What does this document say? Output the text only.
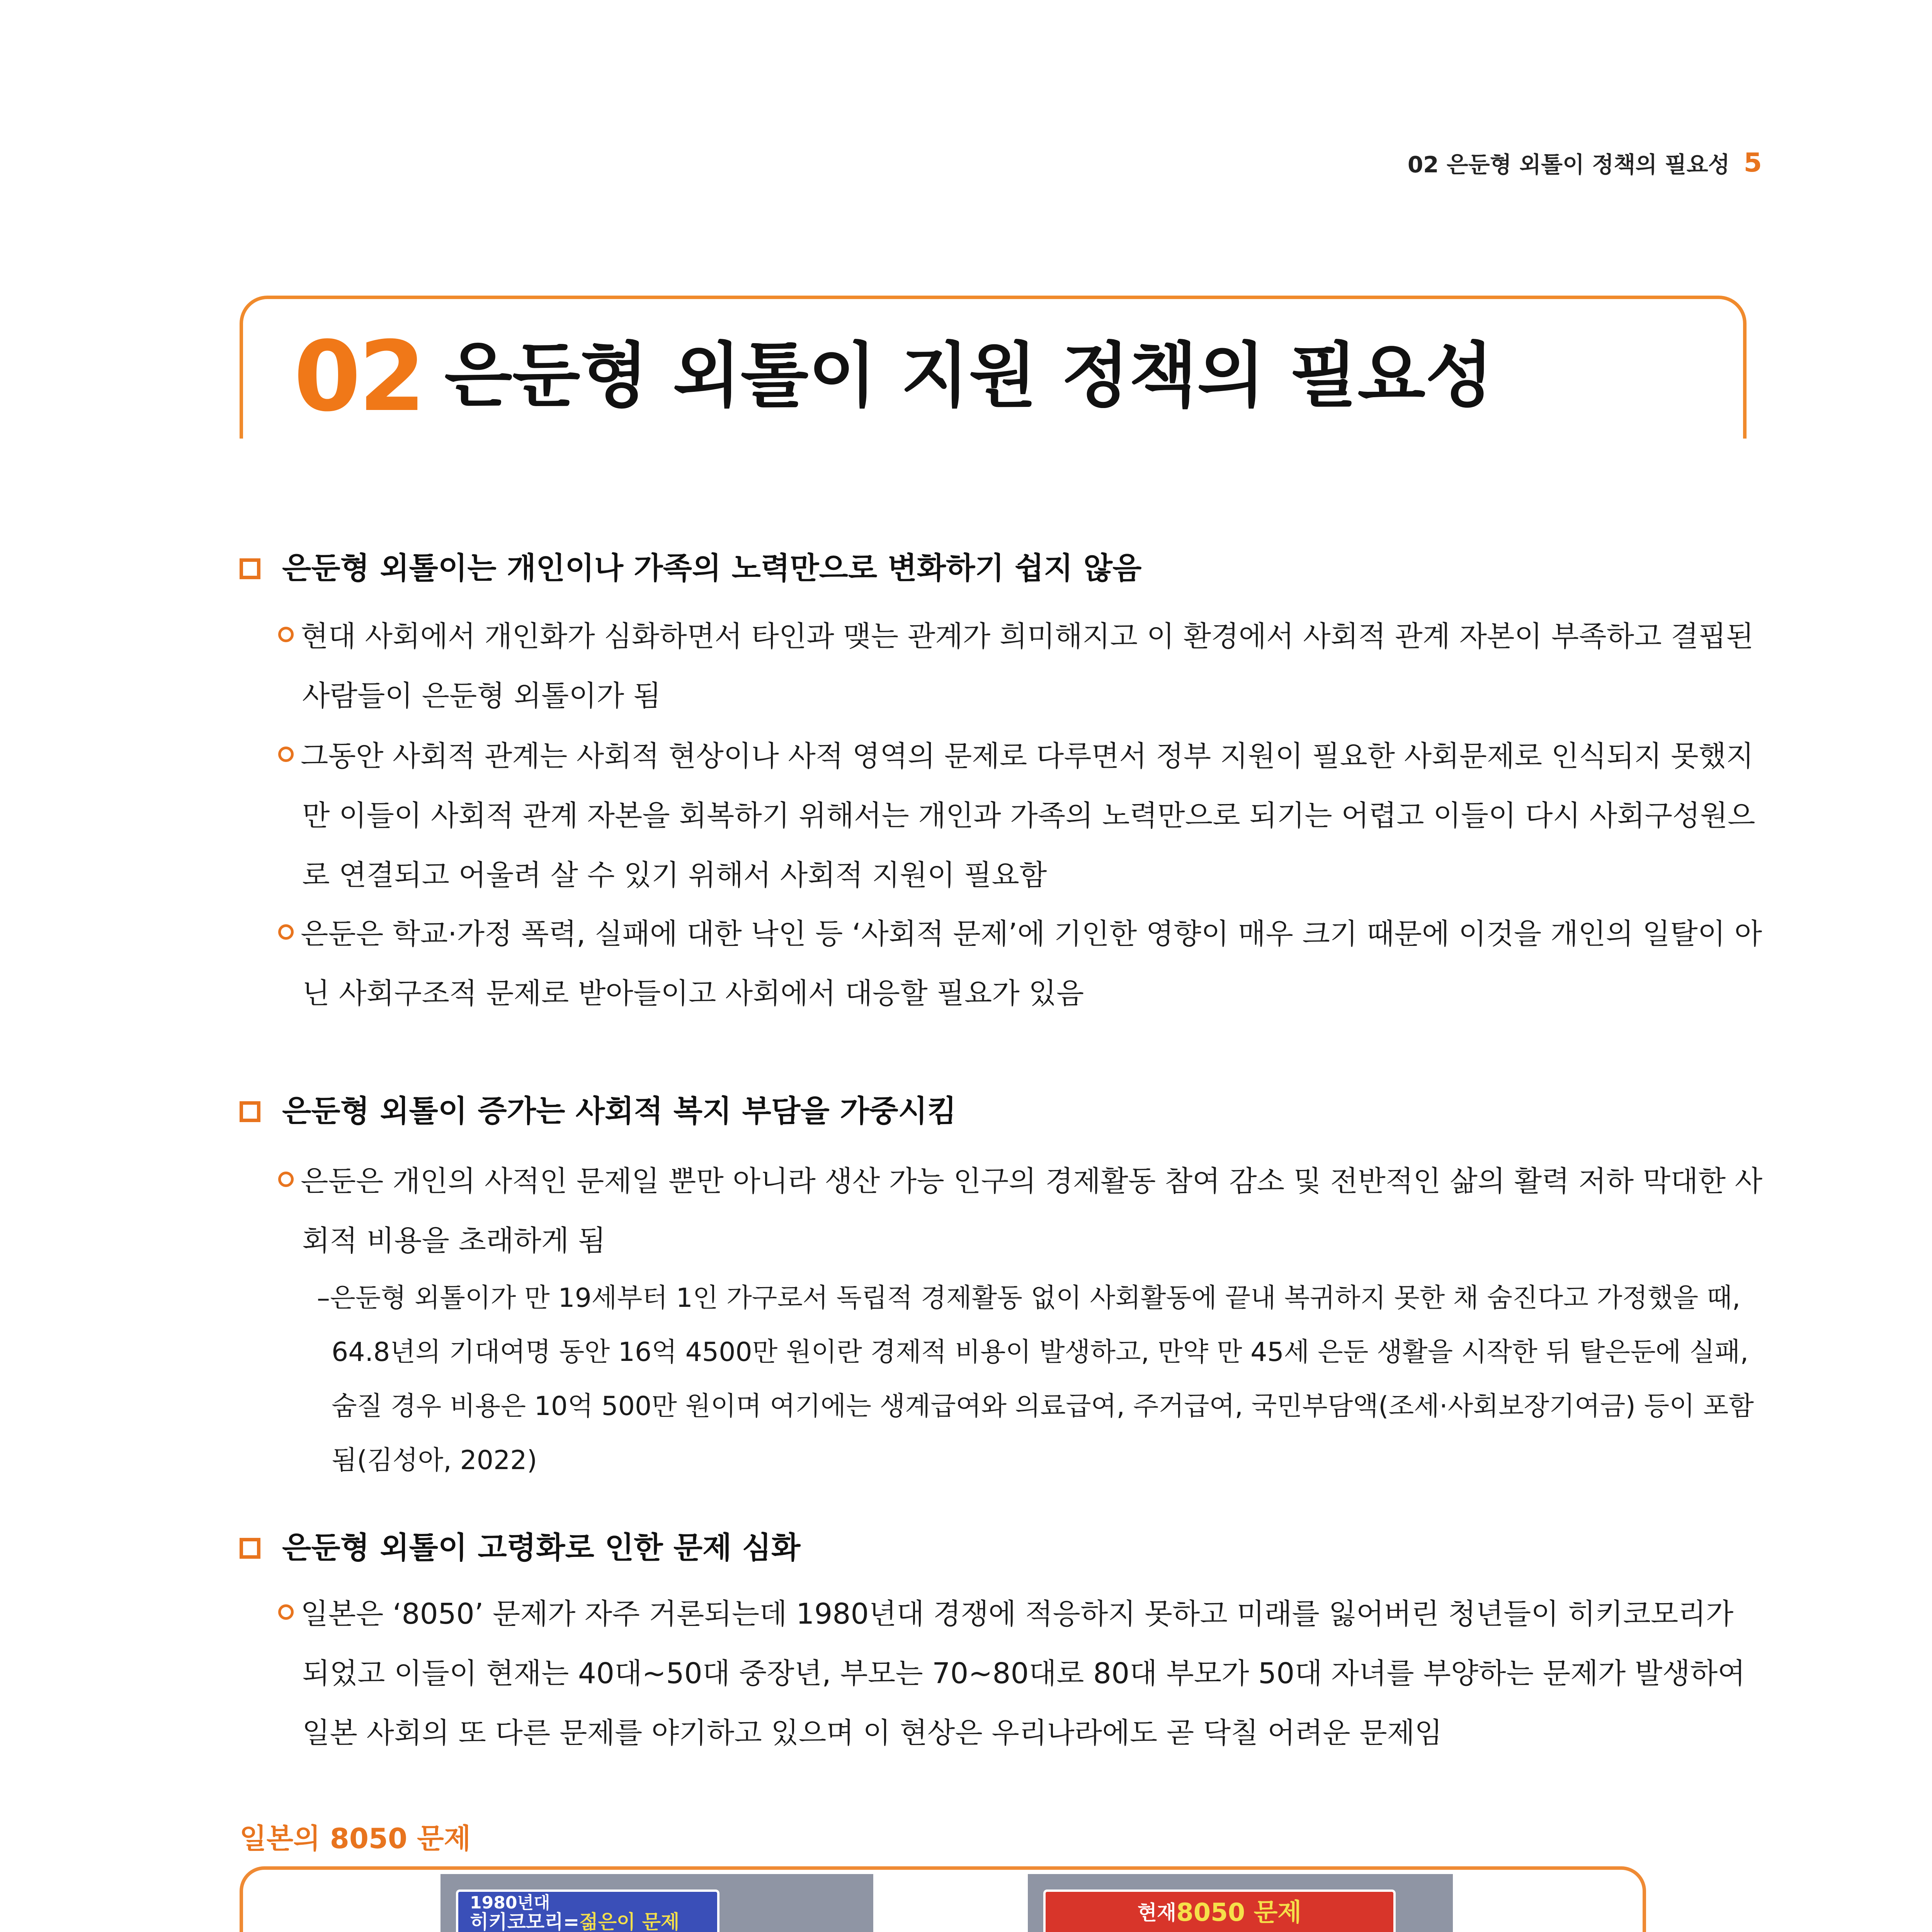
02 은둔형 외톨이 정책의 필요성 5
02 은둔형 외톨이 지원 정책의 필요성
은둔형 외톨이는 개인이나 가족의 노력만으로 변화하기 쉽지 않음
현대 사회에서 개인화가 심화하면서 타인과 맺는 관계가 희미해지고 이 환경에서 사회적 관계 자본이 부족하고 결핍된 사람들이 은둔형 외톨이가 됨
그동안 사회적 관계는 사회적 현상이나 사적 영역의 문제로 다루면서 정부 지원이 필요한 사회문제로 인식되지 못했지만 이들이 사회적 관계 자본을 회복하기 위해서는 개인과 가족의 노력만으로 되기는 어렵고 이들이 다시 사회구성원으로 연결되고 어울려 살 수 있기 위해서 사회적 지원이 필요함
은둔은 학교·가정 폭력, 실패에 대한 낙인 등 ‘사회적 문제’에 기인한 영향이 매우 크기 때문에 이것을 개인의 일탈이 아닌 사회구조적 문제로 받아들이고 사회에서 대응할 필요가 있음
은둔형 외톨이 증가는 사회적 복지 부담을 가중시킴
은둔은 개인의 사적인 문제일 뿐만 아니라 생산 가능 인구의 경제활동 참여 감소 및 전반적인 삶의 활력 저하 막대한 사회적 비용을 초래하게 됨
–은둔형 외톨이가 만 19세부터 1인 가구로서 독립적 경제활동 없이 사회활동에 끝내 복귀하지 못한 채 숨진다고 가정했을 때, 64.8년의 기대여명 동안 16억 4500만 원이란 경제적 비용이 발생하고, 만약 만 45세 은둔 생활을 시작한 뒤 탈은둔에 실패, 숨질 경우 비용은 10억 500만 원이며 여기에는 생계급여와 의료급여, 주거급여, 국민부담액(조세·사회보장기여금) 등이 포함됨(김성아, 2022)
은둔형 외톨이 고령화로 인한 문제 심화
일본은 ‘8050’ 문제가 자주 거론되는데 1980년대 경쟁에 적응하지 못하고 미래를 잃어버린 청년들이 히키코모리가 되었고 이들이 현재는 40대~50대 중장년, 부모는 70~80대로 80대 부모가 50대 자녀를 부양하는 문제가 발생하여 일본 사회의 또 다른 문제를 야기하고 있으며 이 현상은 우리나라에도 곧 닥칠 어려운 문제임
일본의 8050 문제
1980년대
히키코모리=젊은이 문제	현재 8050 문제
